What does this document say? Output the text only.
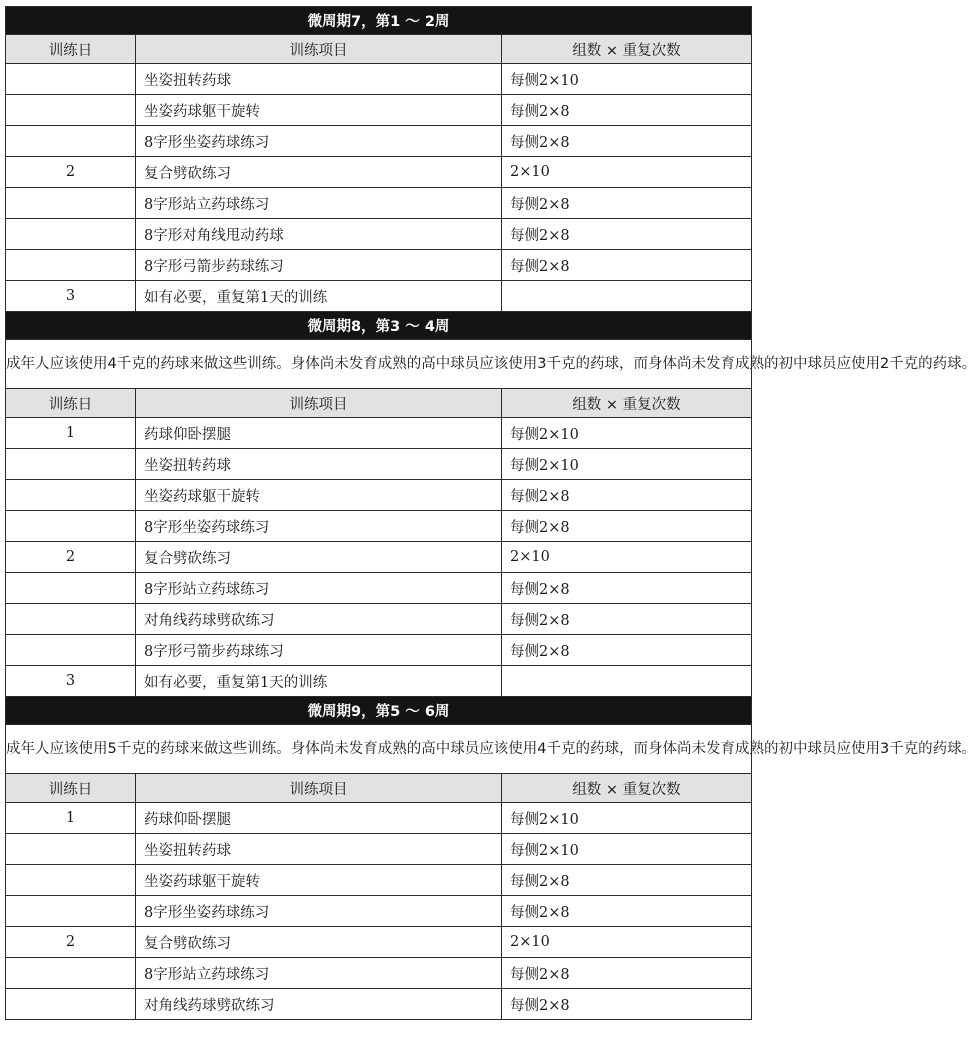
微周期7，第1 ～ 2周		
训练日	训练项目	组数 × 重复次数
	坐姿扭转药球	每侧2×10
	坐姿药球躯干旋转	每侧2×8
	8字形坐姿药球练习	每侧2×8
2	复合劈砍练习	2×10
	8字形站立药球练习	每侧2×8
	8字形对角线甩动药球	每侧2×8
	8字形弓箭步药球练习	每侧2×8
3	如有必要，重复第1天的训练	
微周期8，第3 ～ 4周		
成年人应该使用4千克的药球来做这些训练。身体尚未发育成熟的高中球员应该使用3千克的药球，而身体尚未发育成熟的初中球员应使用2千克的药球。		
训练日	训练项目	组数 × 重复次数
1	药球仰卧摆腿	每侧2×10
	坐姿扭转药球	每侧2×10
	坐姿药球躯干旋转	每侧2×8
	8字形坐姿药球练习	每侧2×8
2	复合劈砍练习	2×10
	8字形站立药球练习	每侧2×8
	对角线药球劈砍练习	每侧2×8
	8字形弓箭步药球练习	每侧2×8
3	如有必要，重复第1天的训练	
微周期9，第5 ～ 6周		
成年人应该使用5千克的药球来做这些训练。身体尚未发育成熟的高中球员应该使用4千克的药球，而身体尚未发育成熟的初中球员应使用3千克的药球。		
训练日	训练项目	组数 × 重复次数
1	药球仰卧摆腿	每侧2×10
	坐姿扭转药球	每侧2×10
	坐姿药球躯干旋转	每侧2×8
	8字形坐姿药球练习	每侧2×8
2	复合劈砍练习	2×10
	8字形站立药球练习	每侧2×8
	对角线药球劈砍练习	每侧2×8
